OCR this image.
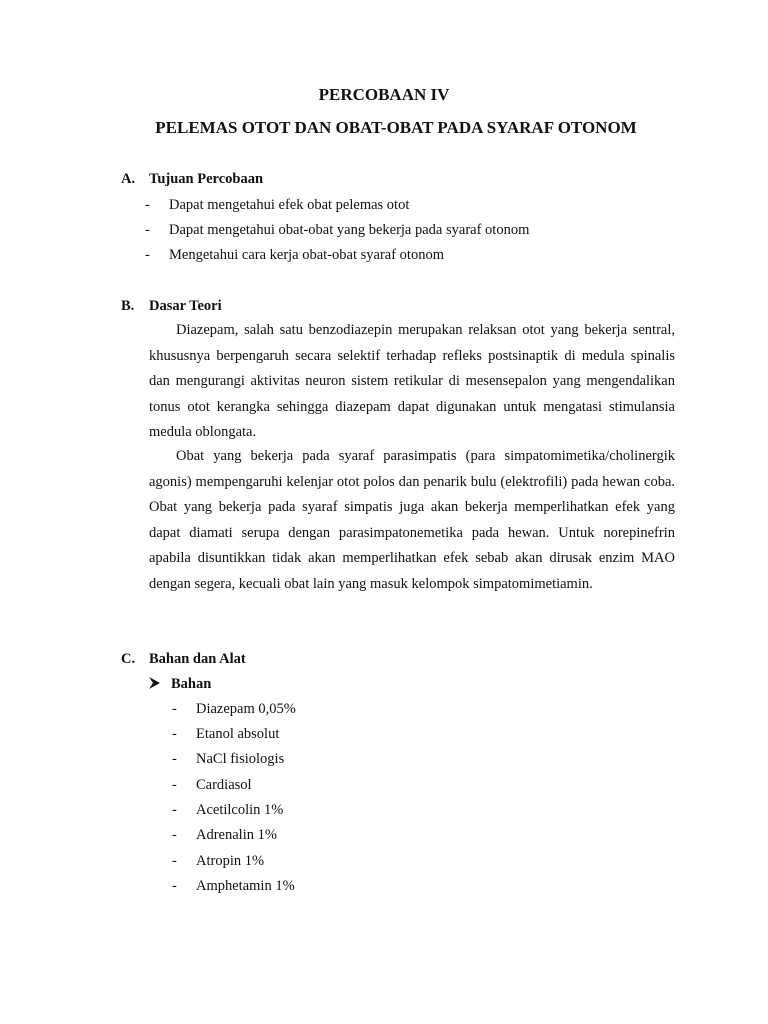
PERCOBAAN IV
PELEMAS OTOT DAN OBAT-OBAT PADA SYARAF OTONOM
A. Tujuan Percobaan
- Dapat mengetahui efek obat pelemas otot
- Dapat mengetahui obat-obat yang bekerja pada syaraf otonom
- Mengetahui cara kerja obat-obat syaraf otonom
B. Dasar Teori
Diazepam, salah satu benzodiazepin merupakan relaksan otot yang bekerja sentral, khususnya berpengaruh secara selektif terhadap refleks postsinaptik di medula spinalis dan mengurangi aktivitas neuron sistem retikular di mesensepalon yang mengendalikan tonus otot kerangka sehingga diazepam dapat digunakan untuk mengatasi stimulansia medula oblongata.
Obat yang bekerja pada syaraf parasimpatis (para simpatomimetika/cholinergik agonis) mempengaruhi kelenjar otot polos dan penarik bulu (elektrofili) pada hewan coba. Obat yang bekerja pada syaraf simpatis juga akan bekerja memperlihatkan efek yang dapat diamati serupa dengan parasimpatonemetika pada hewan. Untuk norepinefrin apabila disuntikkan tidak akan memperlihatkan efek sebab akan dirusak enzim MAO dengan segera, kecuali obat lain yang masuk kelompok simpatomimetiamin.
C. Bahan dan Alat
Bahan
- Diazepam 0,05%
- Etanol absolut
- NaCl fisiologis
- Cardiasol
- Acetilcolin 1%
- Adrenalin 1%
- Atropin 1%
- Amphetamin 1%
